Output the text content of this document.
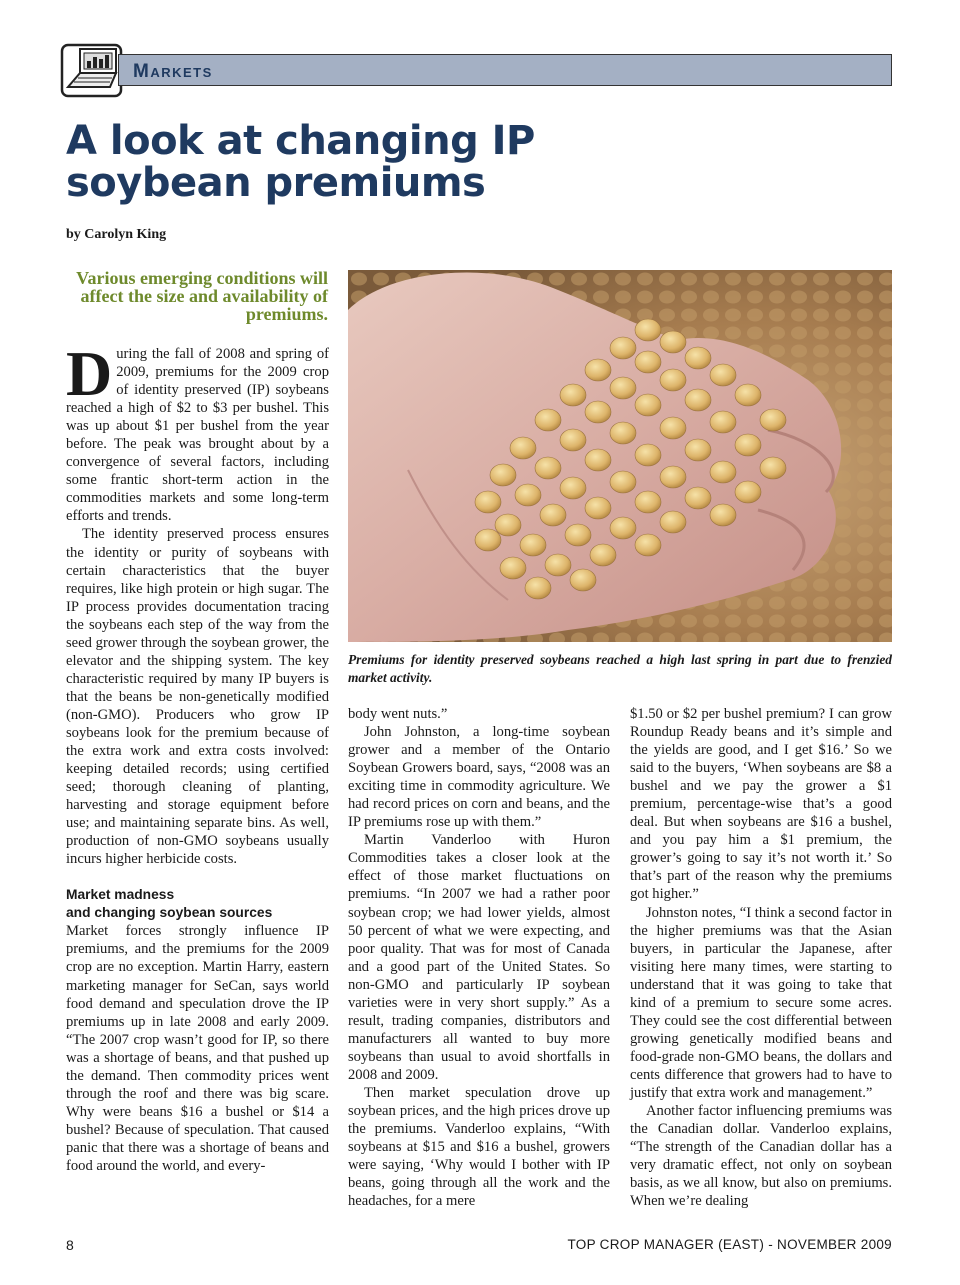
Markets
A look at changing IP soybean premiums
by Carolyn King
Various emerging conditions will affect the size and availability of premiums.

During the fall of 2008 and spring of 2009, premiums for the 2009 crop of identity preserved (IP) soybeans reached a high of $2 to $3 per bushel. This was up about $1 per bushel from the year before. The peak was brought about by a convergence of several factors, including some frantic short-term action in the commodities markets and some long-term efforts and trends.

The identity preserved process ensures the identity or purity of soybeans with certain characteristics that the buyer requires, like high protein or high sugar. The IP process provides documentation tracing the soybeans each step of the way from the seed grower through the soybean grower, the elevator and the shipping system. The key characteristic required by many IP buyers is that the beans be non-genetically modified (non-GMO). Producers who grow IP soybeans look for the premium because of the extra work and extra costs involved: keeping detailed records; using certified seed; thorough cleaning of planting, harvesting and storage equipment before use; and maintaining separate bins. As well, production of non-GMO soybeans usually incurs higher herbicide costs.

Market madness
and changing soybean sources

Market forces strongly influence IP premiums, and the premiums for the 2009 crop are no exception. Martin Harry, eastern marketing manager for SeCan, says world food demand and speculation drove the IP premiums up in late 2008 and early 2009. “The 2007 crop wasn’t good for IP, so there was a shortage of beans, and that pushed up the demand. Then commodity prices went through the roof and there was big scare. Why were beans $16 a bushel or $14 a bushel? Because of speculation. That caused panic that there was a shortage of beans and food around the world, and every-

Premiums for identity preserved soybeans reached a high last spring in part due to frenzied market activity.

body went nuts.”

John Johnston, a long-time soybean grower and a member of the Ontario Soybean Growers board, says, “2008 was an exciting time in commodity agriculture. We had record prices on corn and beans, and the IP premiums rose up with them.”

Martin Vanderloo with Huron Commodities takes a closer look at the effect of those market fluctuations on premiums. “In 2007 we had a rather poor soybean crop; we had lower yields, almost 50 percent of what we were expecting, and poor quality. That was for most of Canada and a good part of the United States. So non-GMO and particularly IP soybean varieties were in very short supply.” As a result, trading companies, distributors and manufacturers all wanted to buy more soybeans than usual to avoid shortfalls in 2008 and 2009.

Then market speculation drove up soybean prices, and the high prices drove up the premiums. Vanderloo explains, “With soybeans at $15 and $16 a bushel, growers were saying, ‘Why would I bother with IP beans, going through all the work and the headaches, for a mere

$1.50 or $2 per bushel premium? I can grow Roundup Ready beans and it’s simple and the yields are good, and I get $16.’ So we said to the buyers, ‘When soybeans are $8 a bushel and we pay the grower a $1 premium, percentage-wise that’s a good deal. But when soybeans are $16 a bushel, and you pay him a $1 premium, the grower’s going to say it’s not worth it.’ So that’s part of the reason why the premiums got higher.”

Johnston notes, “I think a second factor in the higher premiums was that the Asian buyers, in particular the Japanese, after visiting here many times, were starting to understand that it was going to take that kind of a premium to secure some acres. They could see the cost differential between growing genetically modified beans and food-grade non-GMO beans, the dollars and cents difference that growers had to have to justify that extra work and management.”

Another factor influencing premiums was the Canadian dollar. Vanderloo explains, “The strength of the Canadian dollar has a very dramatic effect, not only on soybean basis, as we all know, but also on premiums. When we’re dealing

8	TOP CROP MANAGER (EAST) - NOVEMBER 2009
